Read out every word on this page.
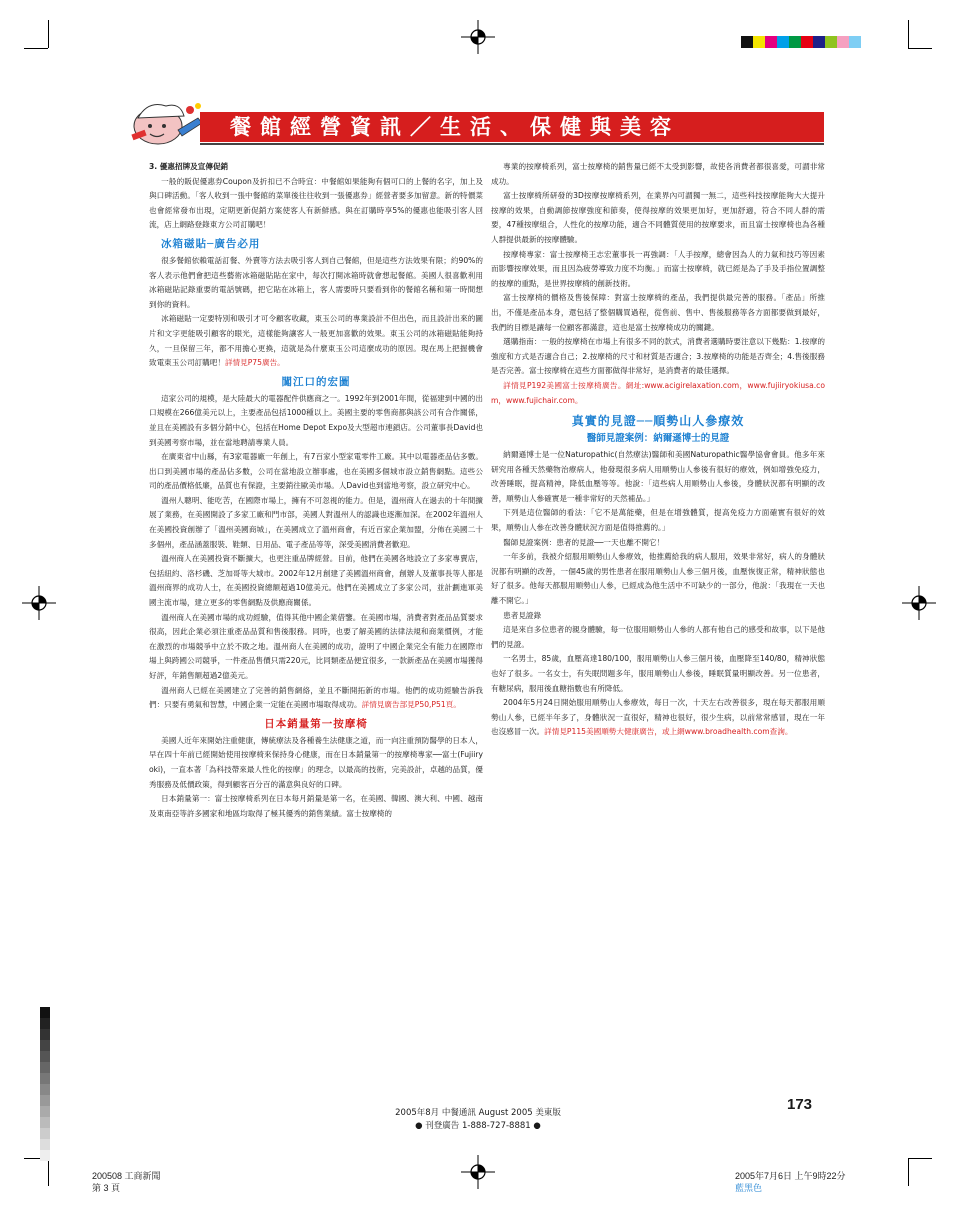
餐館經營資訊／生活、保健與美容
3. 優惠招牌及宣傳促銷
一般的販促優惠券Coupon及折扣已不合時宜：中餐館如果能夠有個可口的上餐的名字，加上及與口碑活動。「客人收到一張中餐館的菜單後往往收到一張優惠券」經營者要多加留意。新的特價菜也會經常發布出現，定期更新促銷方案使客人有新鮮感。與在訂購時享5%的優惠也能吸引客人回流，店上網路登錄東方公司訂購吧！
冰箱磁貼─廣告必用
很多餐館依賴電話訂餐、外賣等方法去吸引客人到自己餐館，但是這些方法效果有限；約90%的客人表示他們會把這些藝術冰箱磁貼貼在家中，每次打開冰箱時就會想起餐館。美國人很喜歡利用冰箱磁貼記錄重要的電話號碼，把它貼在冰箱上，客人需要時只要看到你的餐館名稱和第一時間想到你的資料。
冰箱磁貼一定要特別和吸引才可令顧客收藏，東玉公司的專業設計不但出色，而且設計出來的圖片和文字更能吸引顧客的眼光，這樣能夠讓客人一般更加喜歡的效果。東玉公司的冰箱磁貼能夠持久，一旦保留三年，都不用擔心更換，這就是為什麼東玉公司這麼成功的原因。現在馬上把握機會致電東玉公司訂購吧！詳情見P75廣告。
闖江口的宏圖
這家公司的規模，是大陸最大的電器配件供應商之一。1992年到2001年間，從福建到中國的出口規模在266億美元以上，主要產品包括1000種以上。美國主要的零售商都與該公司有合作關係，並且在美國設有多個分銷中心，包括在Home Depot Expo及大型超市連鎖店。公司董事長David也到美國考察市場，並在當地聘請專業人員。
在廣東省中山縣，有3家電器廠一年創上，有7百家小型家電零件工廠。其中以電器產品佔多數。出口到美國市場的產品佔多數，公司在當地設立辦事處，也在美國多個城市設立銷售網點。這些公司的產品價格低廉，品質也有保證，主要銷往歐美市場。人David也到當地考察，設立研究中心。
溫州人聰明、能吃苦，在國際市場上，擁有不可忽視的能力。但是，溫州商人在過去的十年間擴展了業務，在美國開設了多家工廠和門市部，美國人對溫州人的認識也逐漸加深。在2002年溫州人在美國投資創辦了「溫州美國商城」，在美國成立了溫州商會，有近百家企業加盟，分佈在美國二十多個州，產品涵蓋服裝、鞋類、日用品、電子產品等等，深受美國消費者歡迎。
溫州商人在美國投資不斷擴大，也更注重品牌經營。目前，他們在美國各地設立了多家專賣店，包括紐約、洛杉磯、芝加哥等大城市。2002年12月創建了美國溫州商會，創辦人及董事長等人都是溫州商界的成功人士，在美國投資總額超過10億美元。他們在美國成立了多家公司，並計劃進軍美國主流市場，建立更多的零售網點及供應商關係。
溫州商人在美國市場的成功經驗，值得其他中國企業借鑒。在美國市場，消費者對產品品質要求很高，因此企業必須注重產品品質和售後服務。同時，也要了解美國的法律法規和商業慣例，才能在激烈的市場競爭中立於不敗之地。溫州商人在美國的成功，證明了中國企業完全有能力在國際市場上與跨國公司競爭，一件產品售價只需220元，比同類產品便宜很多，一款新產品在美國市場獲得好評，年銷售額超過2億美元。
溫州商人已經在美國建立了完善的銷售網絡，並且不斷開拓新的市場。他們的成功經驗告訴我們：只要有勇氣和智慧，中國企業一定能在美國市場取得成功。詳情見廣告部見P50,P51頁。
日本銷量第一按摩椅
美國人近年來開始注重健康，傳統療法及各種養生法健康之道，而一向注重預防醫學的日本人，早在四十年前已經開始使用按摩椅來保持身心健康，而在日本銷量第一的按摩椅專家──富士(Fujiiryoki)，一直本著「為科技帶來最人性化的按摩」的理念，以最高的技術，完美設計，卓越的品質，優秀服務及低價政策，得到顧客百分百的滿意與良好的口碑。
日本銷量第一：富士按摩椅系列在日本每月銷量是第一名，在美國、韓國、澳大利、中國、越南及東南亞等許多國家和地區均取得了極其優秀的銷售業績。富士按摩椅的
專業的按摩椅系列，富士按摩椅的銷售量已經不太受到影響，故使各消費者都很喜愛，可謂非常成功。
富士按摩椅所研發的3D按摩按摩椅系列，在業界內可謂獨一無二，這些科技按摩能夠大大提升按摩的效果，自動調節按摩強度和節奏，使得按摩的效果更加好，更加舒適，符合不同人群的需要，47種按摩組合，人性化的按摩功能，適合不同體質使用的按摩要求，而且富士按摩椅也為各種人群提供最新的按摩體驗。
按摩椅專家：富士按摩椅王志宏董事長一再強調：「人手按摩，總會因為人的力氣和技巧等因素而影響按摩效果，而且因為疲勞導致力度不均衡。」而富士按摩椅，就已經是為了手及手指位置調整的按摩的重點，是世界按摩椅的創新技術。
富士按摩椅的價格及售後保障：對富士按摩椅的產品，我們提供最完善的服務。「產品」所推出，不僅是產品本身，還包括了整個購買過程，從售前、售中、售後服務等各方面都要做到最好，我們的目標是讓每一位顧客都滿意，這也是富士按摩椅成功的關鍵。
選購指南：一般的按摩椅在市場上有很多不同的款式，消費者選購時要注意以下幾點：1.按摩的強度和方式是否適合自己；2.按摩椅的尺寸和材質是否適合；3.按摩椅的功能是否齊全；4.售後服務是否完善。富士按摩椅在這些方面都做得非常好，是消費者的最佳選擇。
詳情見P192美國富士按摩椅廣告。網址:www.acigirelaxation.com，www.fujiiryokiusa.com，www.fujichair.com。
真實的見證──順勢山人參療效
醫師見證案例：納爾遜博士的見證
納爾遜博士是一位Naturopathic(自然療法)醫師和美國Naturopathic醫學協會會員。他多年來研究用各種天然藥物治療病人，他發現很多病人用順勢山人參後有很好的療效，例如增強免疫力，改善睡眠，提高精神，降低血壓等等。他說：「這些病人用順勢山人參後，身體狀況都有明顯的改善，順勢山人參確實是一種非常好的天然補品。」
下列是這位醫師的看法：「它不是萬能藥，但是在增強體質，提高免疫力方面確實有很好的效果，順勢山人參在改善身體狀況方面是值得推薦的。」
醫師見證案例：患者的見證──一天也離不開它！
一年多前，我被介紹服用順勢山人參療效，他推薦給我的病人服用，效果非常好，病人的身體狀況都有明顯的改善，一個45歲的男性患者在服用順勢山人參三個月後，血壓恢復正常，精神狀態也好了很多。他每天都服用順勢山人參，已經成為他生活中不可缺少的一部分，他說：「我現在一天也離不開它。」
患者見證錄
這是來自多位患者的親身體驗，每一位服用順勢山人參的人都有他自己的感受和故事，以下是他們的見證。
一名男士，85歲，血壓高達180/100，服用順勢山人參三個月後，血壓降至140/80，精神狀態也好了很多。一名女士，有失眠問題多年，服用順勢山人參後，睡眠質量明顯改善。另一位患者，有糖尿病，服用後血糖指數也有所降低。
2004年5月24日開始服用順勢山人參療效，每日一次，十天左右改善很多，現在每天都服用順勢山人參，已經半年多了，身體狀況一直很好，精神也很好，很少生病，以前常常感冒，現在一年也沒感冒一次。詳情見P115美國順勢大健康廣告，或上網www.broadhealth.com查詢。
173
2005年8月 中餐通訊 August 2005 美東版
● 刊登廣告 1-888-727-8881 ●
200508 工商新聞
第 3 頁
2005年7月6日 上午9時22分
藍黑色
